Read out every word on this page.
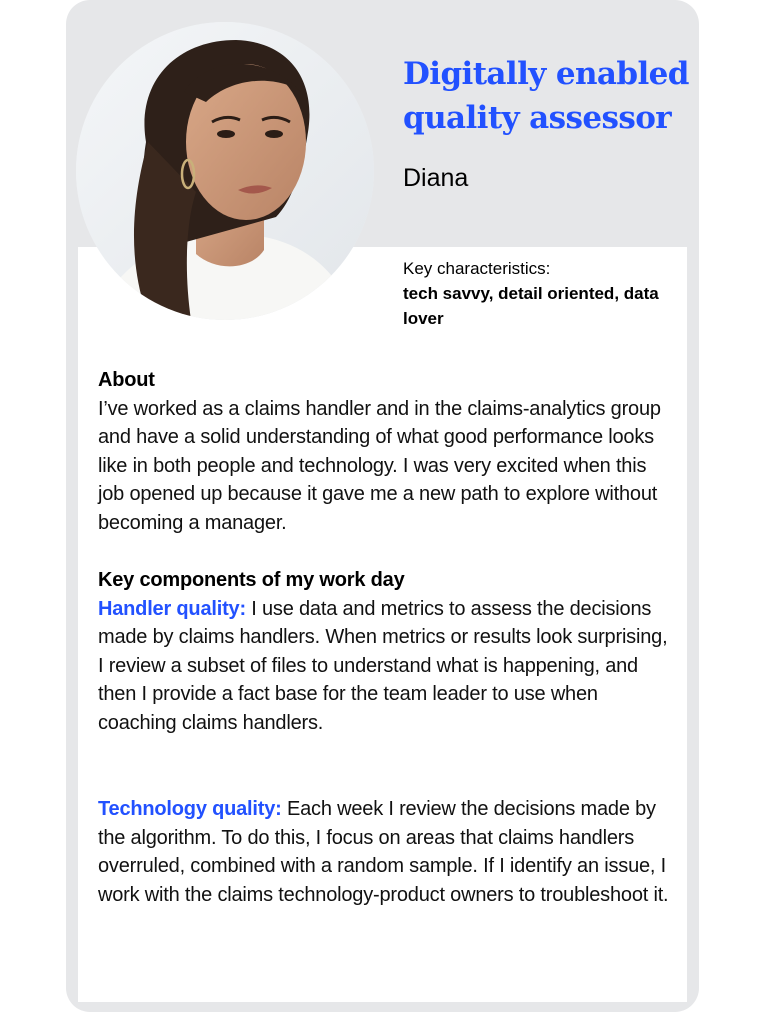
Digitally enabled quality assessor
Diana
Key characteristics:
tech savvy, detail oriented, data lover
About

I’ve worked as a claims handler and in the claims-analytics group and have a solid understanding of what good performance looks like in both people and technology. I was very excited when this job opened up because it gave me a new path to explore without becoming a manager.

Key components of my work day

Handler quality: I use data and metrics to assess the decisions made by claims handlers. When metrics or results look surprising, I review a subset of files to understand what is happening, and then I provide a fact base for the team leader to use when coaching claims handlers.

Technology quality: Each week I review the decisions made by the algorithm. To do this, I focus on areas that claims handlers overruled, combined with a random sample. If I identify an issue, I work with the claims technology-product owners to troubleshoot it.
